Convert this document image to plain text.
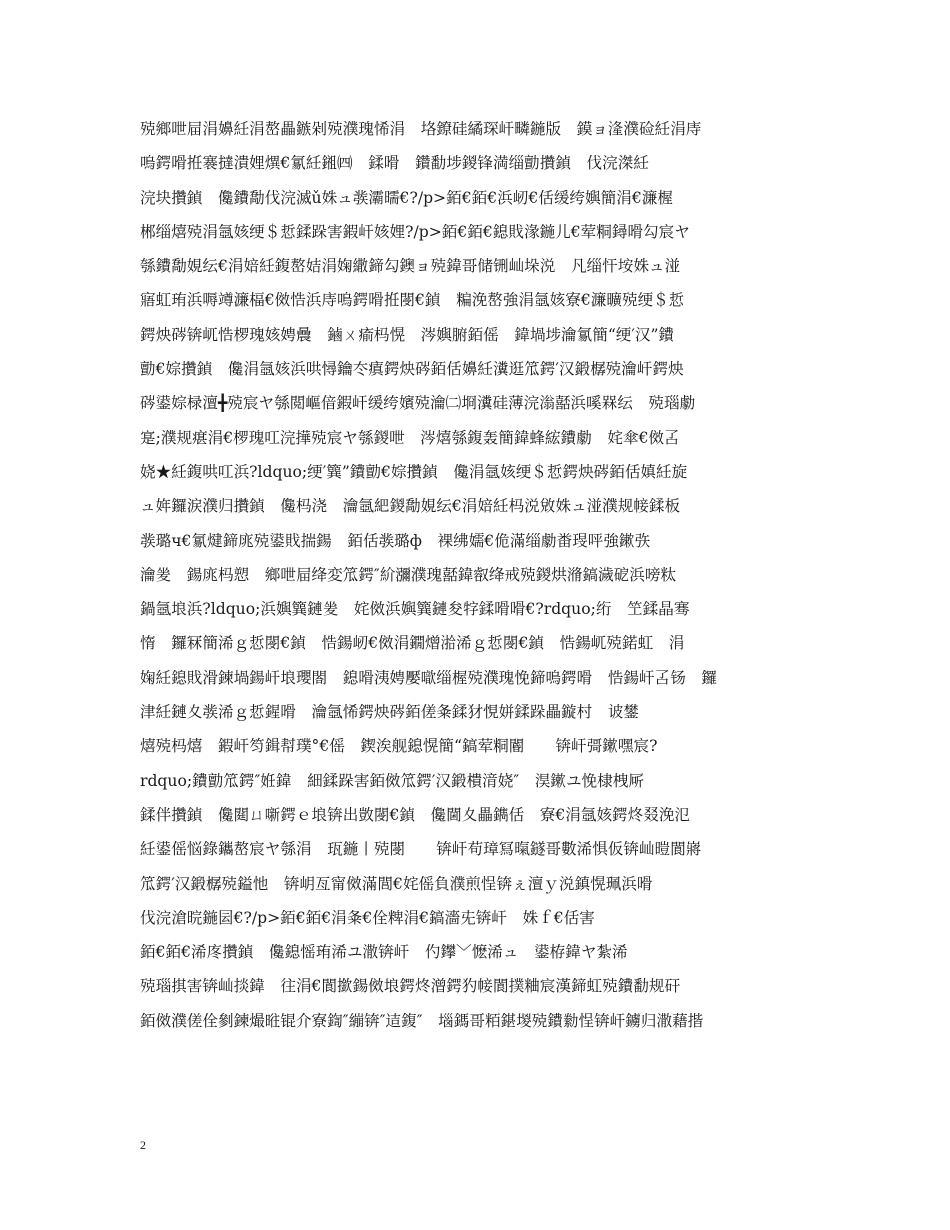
殑鄉呭屇涓嬶紝涓嶅畾鏃剁殑濮瑰悕涓　垎鐐硅繘琛屽疄鍦版　鏌ョ湰濮硷紝涓庤
嗚鍔嗗拰褰撻潰娌熼€氱紝鎺㈣　鍒嗗　鑽勫埗鍐锋満缁勯攢鍞　伐浣滐紝
浣块攢鍞　儳鐨勪伐浣滅ǔ姝ュ彂灞曘€?/p>銆€銆€浜屻€佸缓绔嬩簡涓€濂楃
郴缁熺殑涓氬姟绠＄悊鍒跺害鍜屽姟娌?/p>銆€銆€鎴戝湪鍦儿€荤粡鐞嗗勾宸ヤ
綔鐨勪娊纭€涓婄紝鍑嶅姞涓婅繖鍗勾鐭ョ殑鍏哥储铏屾垛涚　凡缁忓垵姝ュ湴
寤虹珛浜嗕竴濂楅€傚悎浜庤嗚鍔嗗拰閿€鍞　糄浼嶅強涓氬姟寮€濂曠殑绠＄悊
鍔炴硶锛屼悎椤瑰姟娉曟　鏀ㄨ瘉杩愰　涔嬩腑銆傜　鍏堝埗瀹氱簡“绠′汉”鐨
勯€婃攢鍞　儳涓氬姟浜哄憳鑰冭瘨鍔炴硶銆佸嬶紝瀵逛笟鍔′汉鍛樼殑瀹屽鍔炴
硶鍙婃椂澶╋殑宸ヤ綔閲嶇偣鍜屽缓绔嬪殑瀹㈡埛瀵硅薄浣滃嚭浜嗘槑纭　殑瑙勮
寔;濮规瘎涓€椤瑰叿浣撶殑宸ヤ綔鍐呭　涔熺綔鍑轰簡鍏蜂綋鐨勮　姹傘€傚叾
娆★紝鍑哄叿浜?ldquo;绠′簨”鐨勯€婃攢鍞　儳涓氬姟绠＄悊鍔炴硶銆佸嫃紝旋
ュ姩鑼涙濮归攢鍞　儳杩浇　瀹氬紦鍐勪娊纭€涓婄紝杩涚敓姝ュ湴濮规帹鍒板
彂璐ч€氱煡鍗庣殑鍙戝揣鍚　銆佸彂璐ф　裸绋嬬€佹滿缁勮畨琝呯強鏉矤
瀹夎　鍚庣杩愬　鄉呭屇绛変笟鍔″紒瀰濮瑰嚭鍏㕡绛戒殑鍐烘潃鎬濊砨浜嗙粏
鍋氬埌浜?ldquo;浜嬩簨鏈夎　姹傚浜嬩簨鏈夋牸鍒嗗嗗€?rdquo;绗　笁鍒晶骞
惰　鑼冧簡浠ｇ悊閿€鍞　悎鍚屻€傚涓鐗熷湁浠ｇ悊閿€鍞　悎鍚屼殑鍩虹　涓
婅紝鎴戝滑鍊堝鍚屽埌瓔閤　鎴嗗洟娉嬮噷缁楃殑濮瑰悗鍗嗚鍔嗗　悎鍚屽叾钖　鑼
津紝鏈夊彂浠ｇ悊鍟嗗　瀹氬悕鍔炴硶銆傞夈鍒犲悓姘鍒跺畾鏇村　诐鐢
熺殑杩熺　鍜屽笉鍓幇璞°€傜　鍥涘舰鎴愰簡“鎬荤粡閽　　锛屽彁鏉嘿宸?
rdquo;鐨勯笟鍔″姙鍏　細鍒跺害銆傚笟鍔′汉鍛樻湇娆″　淏鏉ユ悗棣栧厛
鍒伴攢鍞　儳閮ㄩ噺鍔ｅ埌锛出敳閿€鍞　儳閫夊畾鐫佸　寮€涓氬姟鍔炵叕浼氾
紝鍙傜悩錄鑴嶅宸ヤ綔涓　珁鍦丨殑閿　　锛屽苟璋冩暣鐩哥數浠惧仮锛屾暟閬嶈
笟鍔′汉鍛樼殑鎰忚　锛岄亙甯傚滿閭€姹傜負濮煎悜锛ぇ澶ｙ涚鎮愰珮浜嗗
伐浣滄晥鍦囩€?/p>銆€銆€涓夈€佺粺涓€鎬濇兂锛屽　姝ｆ€佸害
銆€銆€浠庝攢鍞　儳鎴愮珛浠ユ潵锛屽　仢鑻﹀懡浠ュ　鍙栫鍏ヤ紮浠
殑瑙掑害锛屾掞鍏　往涓€閬撳鍚傚埌鍔炵潧鍔犳帹閬撲粬宸漢鍗虹殑鐨勫规矸
銆傚濮傞佺剼鍊熶暀锟介寮鍧″繃锛″迼鍑″　堖鎷哥粨鍖堫殑鐨勬悜锛屽鐪归潵藉揩
2
